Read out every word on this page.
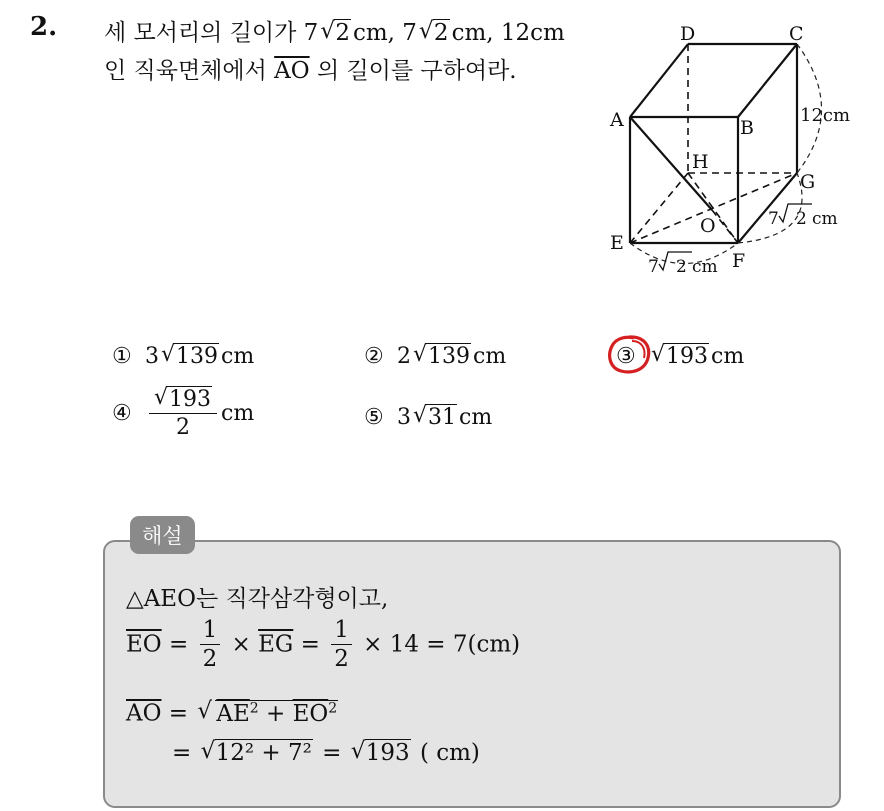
2. 세 모서리의 길이가 7 √ 2 cm, 7 √ 2 cm, 12cm
인 직육면체에서 $\overline{AO}$ 의 길이를 구하여라.
A	B
C
D
E
F
G
H
O
12cm
7 2 cm
7 2 cm
① 3 √ 139 cm	② 2 √ 139 cm	③ √ 193 cm
④ √ $\frac{193}{2}$ cm	⑤ 3 √ 31 cm
해설
△AEO는 직각삼각형이고,
$\overline{EO} = \frac{1}{2} \times \overline{EG} = \frac{1}{2} \times 14 = 7(cm)$
$\overline{AO}$ = √ $\overline{AE}^2 + \overline{EO}^2$
= √ 12² + 7² = √ 193 ( cm)
